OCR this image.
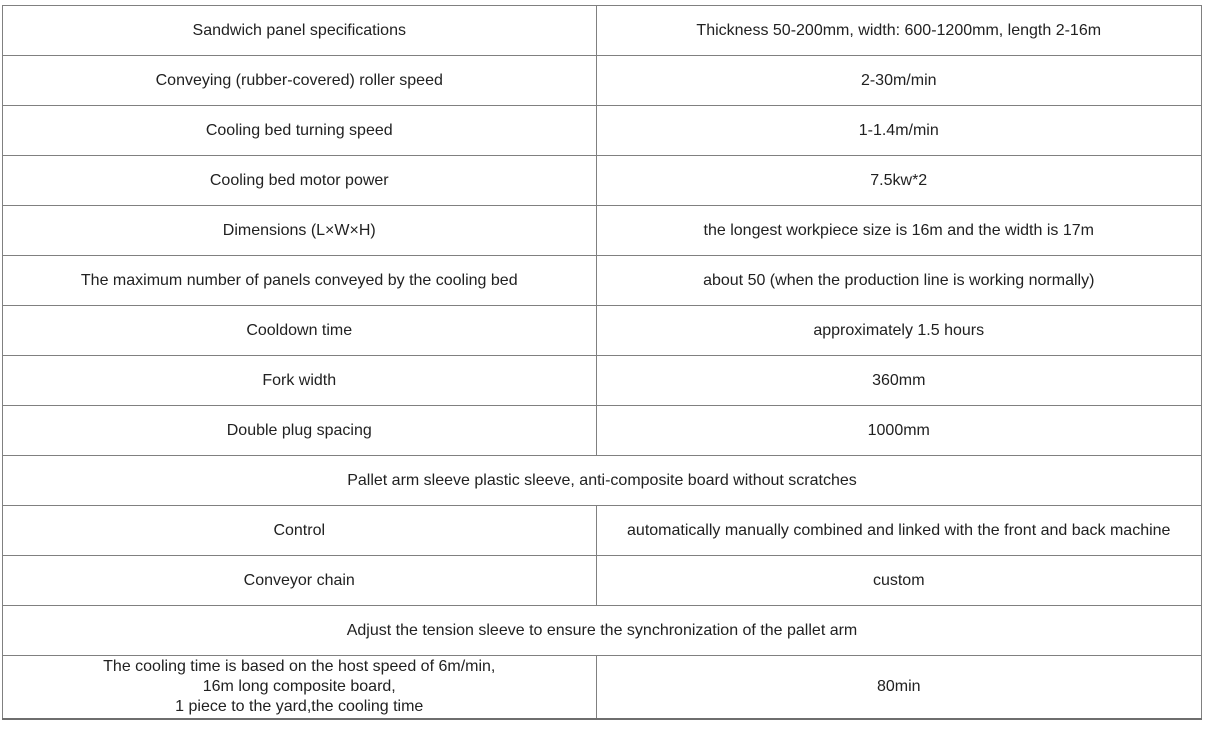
Sandwich panel specifications	Thickness 50-200mm, width: 600-1200mm, length 2-16m
Conveying (rubber-covered) roller speed	2-30m/min
Cooling bed turning speed	1-1.4m/min
Cooling bed motor power	7.5kw*2
Dimensions (L×W×H)	the longest workpiece size is 16m and the width is 17m
The maximum number of panels conveyed by the cooling bed	about 50 (when the production line is working normally)
Cooldown time	approximately 1.5 hours
Fork width	360mm
Double plug spacing	1000mm
Pallet arm sleeve plastic sleeve, anti-composite board without scratches	
Control	automatically manually combined and linked with the front and back machine
Conveyor chain	custom
Adjust the tension sleeve to ensure the synchronization of the pallet arm	

The cooling time is based on the host speed of 6m/min,
16m long composite board,
1 piece to the yard,the cooling time	80min
